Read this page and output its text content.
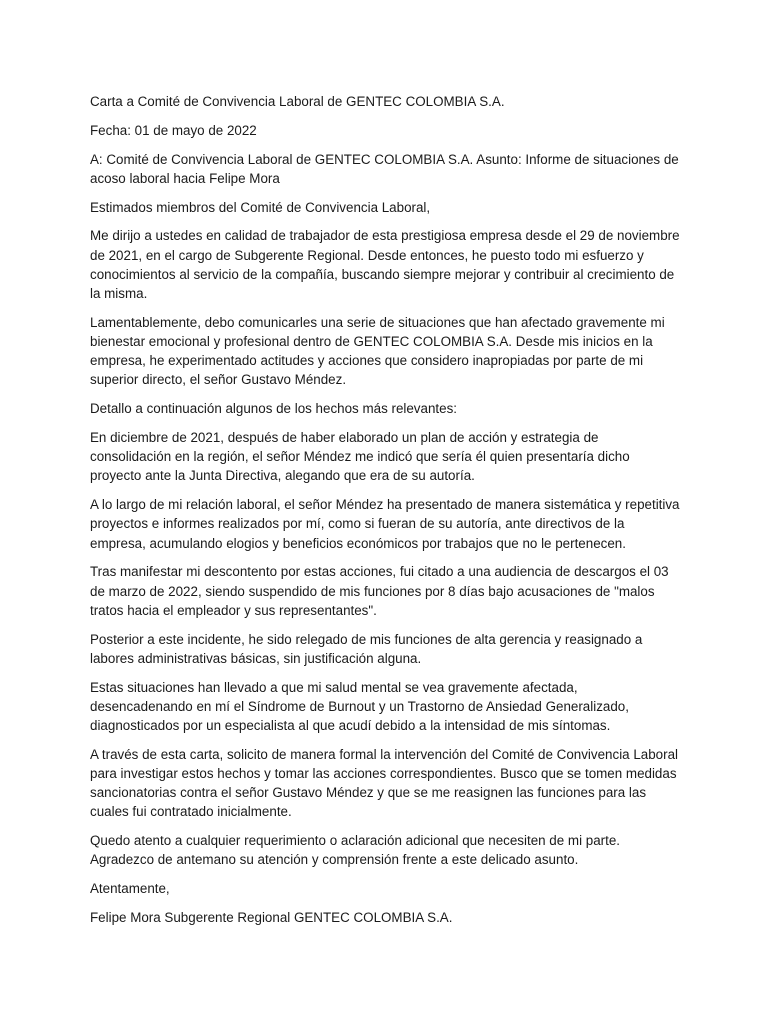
Carta a Comité de Convivencia Laboral de GENTEC COLOMBIA S.A.

Fecha: 01 de mayo de 2022

A: Comité de Convivencia Laboral de GENTEC COLOMBIA S.A. Asunto: Informe de situaciones de acoso laboral hacia Felipe Mora

Estimados miembros del Comité de Convivencia Laboral,

Me dirijo a ustedes en calidad de trabajador de esta prestigiosa empresa desde el 29 de noviembre de 2021, en el cargo de Subgerente Regional. Desde entonces, he puesto todo mi esfuerzo y conocimientos al servicio de la compañía, buscando siempre mejorar y contribuir al crecimiento de la misma.

Lamentablemente, debo comunicarles una serie de situaciones que han afectado gravemente mi bienestar emocional y profesional dentro de GENTEC COLOMBIA S.A. Desde mis inicios en la empresa, he experimentado actitudes y acciones que considero inapropiadas por parte de mi superior directo, el señor Gustavo Méndez.

Detallo a continuación algunos de los hechos más relevantes:

En diciembre de 2021, después de haber elaborado un plan de acción y estrategia de consolidación en la región, el señor Méndez me indicó que sería él quien presentaría dicho proyecto ante la Junta Directiva, alegando que era de su autoría.

A lo largo de mi relación laboral, el señor Méndez ha presentado de manera sistemática y repetitiva proyectos e informes realizados por mí, como si fueran de su autoría, ante directivos de la empresa, acumulando elogios y beneficios económicos por trabajos que no le pertenecen.

Tras manifestar mi descontento por estas acciones, fui citado a una audiencia de descargos el 03 de marzo de 2022, siendo suspendido de mis funciones por 8 días bajo acusaciones de "malos tratos hacia el empleador y sus representantes".

Posterior a este incidente, he sido relegado de mis funciones de alta gerencia y reasignado a labores administrativas básicas, sin justificación alguna.

Estas situaciones han llevado a que mi salud mental se vea gravemente afectada, desencadenando en mí el Síndrome de Burnout y un Trastorno de Ansiedad Generalizado, diagnosticados por un especialista al que acudí debido a la intensidad de mis síntomas.

A través de esta carta, solicito de manera formal la intervención del Comité de Convivencia Laboral para investigar estos hechos y tomar las acciones correspondientes. Busco que se tomen medidas sancionatorias contra el señor Gustavo Méndez y que se me reasignen las funciones para las cuales fui contratado inicialmente.

Quedo atento a cualquier requerimiento o aclaración adicional que necesiten de mi parte. Agradezco de antemano su atención y comprensión frente a este delicado asunto.

Atentamente,

Felipe Mora Subgerente Regional GENTEC COLOMBIA S.A.
